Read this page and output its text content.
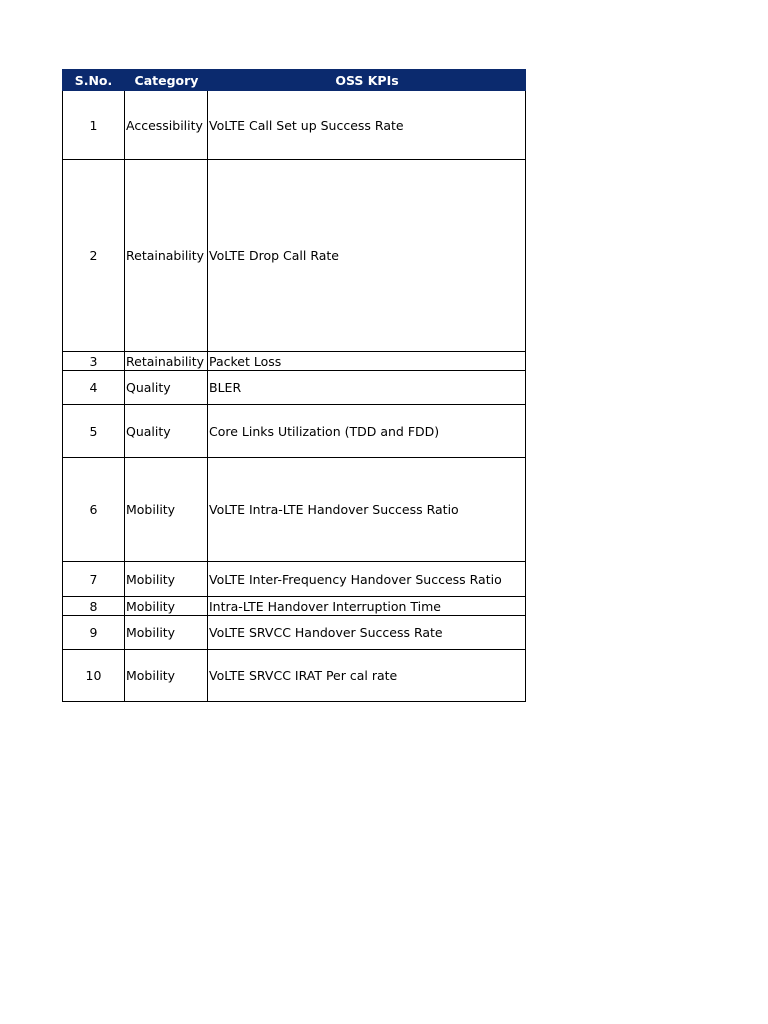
S.No.	Category	OSS KPIs
1	Accessibility	VoLTE Call Set up Success Rate
2	Retainability	VoLTE Drop Call Rate
3	Retainability	Packet Loss
4	Quality	BLER
5	Quality	Core Links Utilization (TDD and FDD)
6	Mobility	VoLTE Intra-LTE Handover Success Ratio
7	Mobility	VoLTE Inter-Frequency Handover Success Ratio
8	Mobility	Intra-LTE Handover Interruption Time
9	Mobility	VoLTE SRVCC Handover Success Rate
10	Mobility	VoLTE SRVCC IRAT Per cal rate
